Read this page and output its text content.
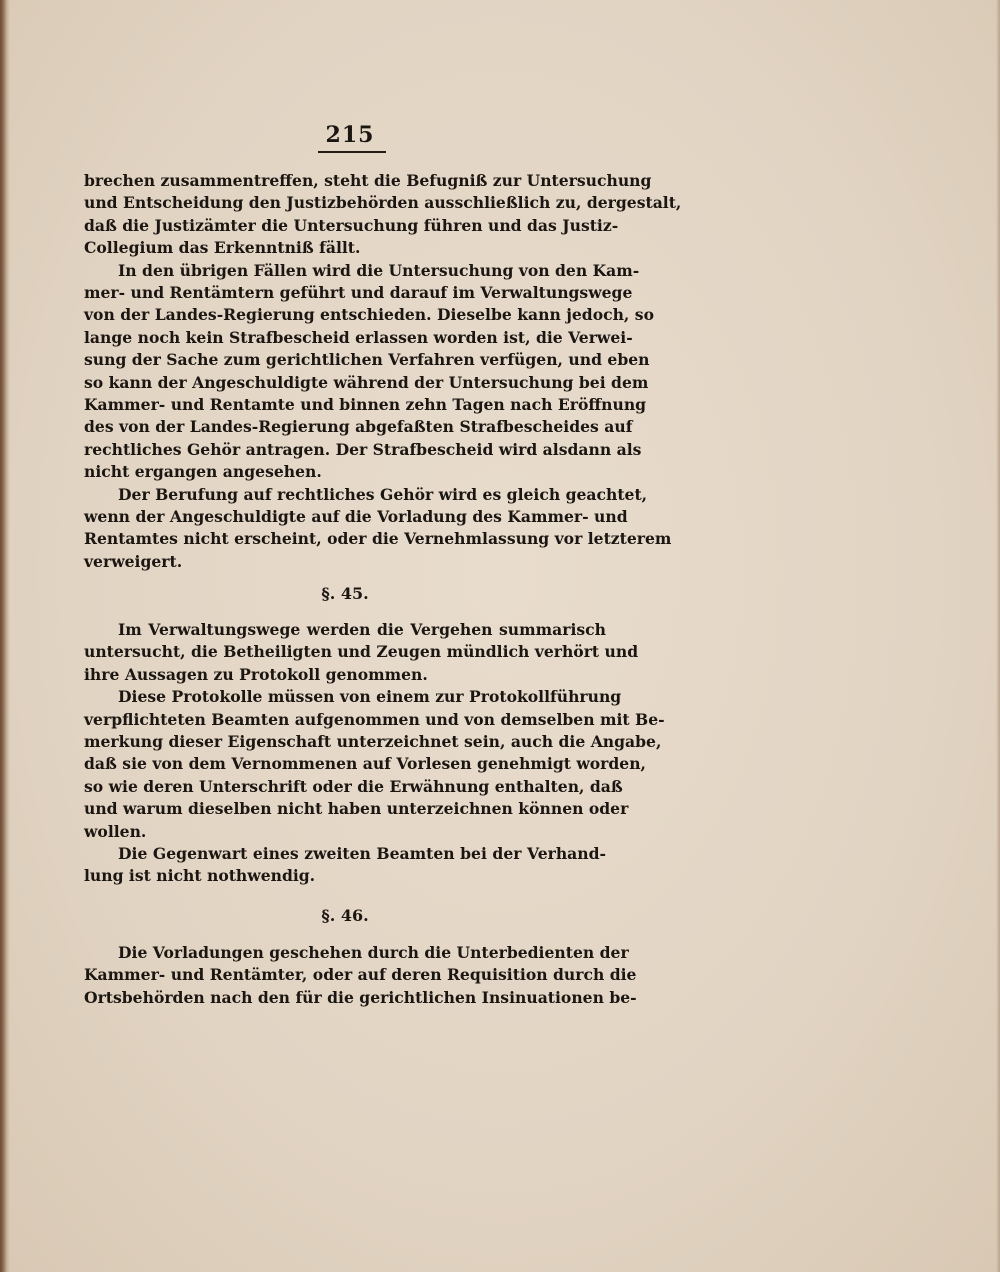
215
brechen zusammentreffen, steht die Befugniß zur Untersuchung
und Entscheidung den Justizbehörden ausschließlich zu, dergestalt,
daß die Justizämter die Untersuchung führen und das Justiz-
Collegium das Erkenntniß fällt.
In den übrigen Fällen wird die Untersuchung von den Kam-
mer- und Rentämtern geführt und darauf im Verwaltungswege
von der Landes-Regierung entschieden. Dieselbe kann jedoch, so
lange noch kein Strafbescheid erlassen worden ist, die Verwei-
sung der Sache zum gerichtlichen Verfahren verfügen, und eben
so kann der Angeschuldigte während der Untersuchung bei dem
Kammer- und Rentamte und binnen zehn Tagen nach Eröffnung
des von der Landes-Regierung abgefaßten Strafbescheides auf
rechtliches Gehör antragen. Der Strafbescheid wird alsdann als
nicht ergangen angesehen.
Der Berufung auf rechtliches Gehör wird es gleich geachtet,
wenn der Angeschuldigte auf die Vorladung des Kammer- und
Rentamtes nicht erscheint, oder die Vernehmlassung vor letzterem
verweigert.
§. 45.
Im Verwaltungswege werden die Vergehen summarisch
untersucht, die Betheiligten und Zeugen mündlich verhört und
ihre Aussagen zu Protokoll genommen.
Diese Protokolle müssen von einem zur Protokollführung
verpflichteten Beamten aufgenommen und von demselben mit Be-
merkung dieser Eigenschaft unterzeichnet sein, auch die Angabe,
daß sie von dem Vernommenen auf Vorlesen genehmigt worden,
so wie deren Unterschrift oder die Erwähnung enthalten, daß
und warum dieselben nicht haben unterzeichnen können oder
wollen.
Die Gegenwart eines zweiten Beamten bei der Verhand-
lung ist nicht nothwendig.
§. 46.
Die Vorladungen geschehen durch die Unterbedienten der
Kammer- und Rentämter, oder auf deren Requisition durch die
Ortsbehörden nach den für die gerichtlichen Insinuationen be-
